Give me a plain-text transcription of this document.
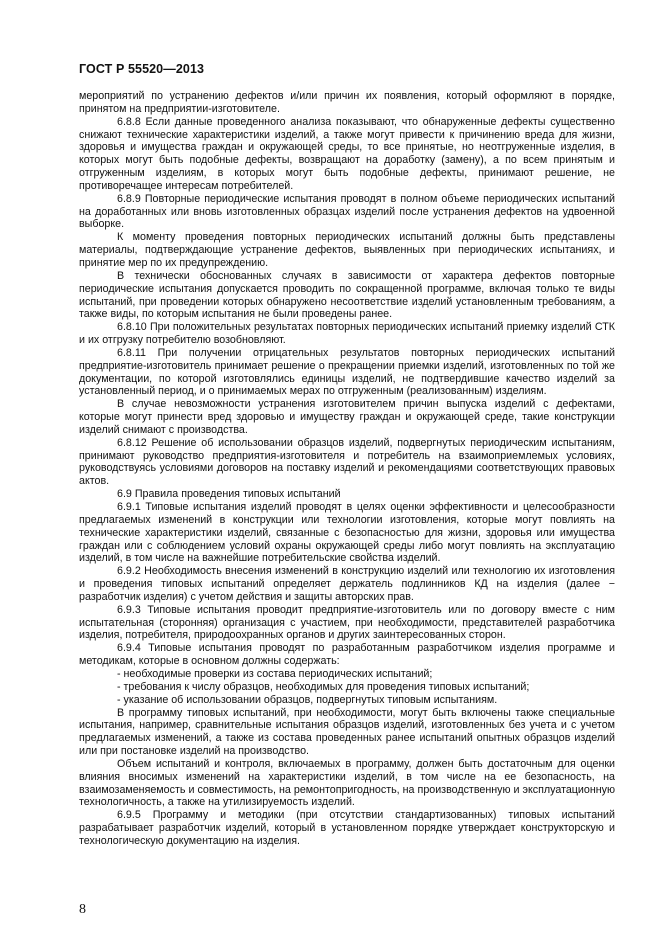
ГОСТ Р 55520—2013

мероприятий по устранению дефектов и/или причин их появления, который оформляют в порядке, принятом на предприятии-изготовителе.

6.8.8 Если данные проведенного анализа показывают, что обнаруженные дефекты существенно снижают технические характеристики изделий, а также могут привести к причинению вреда для жизни, здоровья и имущества граждан и окружающей среды, то все принятые, но неотгруженные изделия, в которых могут быть подобные дефекты, возвращают на доработку (замену), а по всем принятым и отгруженным изделиям, в которых могут быть подобные дефекты, принимают решение, не противоречащее интересам потребителей.

6.8.9 Повторные периодические испытания проводят в полном объеме периодических испытаний на доработанных или вновь изготовленных образцах изделий после устранения дефектов на удвоенной выборке.

К моменту проведения повторных периодических испытаний должны быть представлены материалы, подтверждающие устранение дефектов, выявленных при периодических испытаниях, и принятие мер по их предупреждению.

В технически обоснованных случаях в зависимости от характера дефектов повторные периодические испытания допускается проводить по сокращенной программе, включая только те виды испытаний, при проведении которых обнаружено несоответствие изделий установленным требованиям, а также виды, по которым испытания не были проведены ранее.

6.8.10 При положительных результатах повторных периодических испытаний приемку изделий СТК и их отгрузку потребителю возобновляют.

6.8.11 При получении отрицательных результатов повторных периодических испытаний предприятие-изготовитель принимает решение о прекращении приемки изделий, изготовленных по той же документации, по которой изготовлялись единицы изделий, не подтвердившие качество изделий за установленный период, и о принимаемых мерах по отгруженным (реализованным) изделиям.

В случае невозможности устранения изготовителем причин выпуска изделий с дефектами, которые могут принести вред здоровью и имуществу граждан и окружающей среде, такие конструкции изделий снимают с производства.

6.8.12 Решение об использовании образцов изделий, подвергнутых периодическим испытаниям, принимают руководство предприятия-изготовителя и потребитель на взаимоприемлемых условиях, руководствуясь условиями договоров на поставку изделий и рекомендациями соответствующих правовых актов.

6.9 Правила проведения типовых испытаний

6.9.1 Типовые испытания изделий проводят в целях оценки эффективности и целесообразности предлагаемых изменений в конструкции или технологии изготовления, которые могут повлиять на технические характеристики изделий, связанные с безопасностью для жизни, здоровья или имущества граждан или с соблюдением условий охраны окружающей среды либо могут повлиять на эксплуатацию изделий, в том числе на важнейшие потребительские свойства изделий.

6.9.2 Необходимость внесения изменений в конструкцию изделий или технологию их изготовления и проведения типовых испытаний определяет держатель подлинников КД на изделия (далее − разработчик изделия) с учетом действия и защиты авторских прав.

6.9.3 Типовые испытания проводит предприятие-изготовитель или по договору вместе с ним испытательная (сторонняя) организация с участием, при необходимости, представителей разработчика изделия, потребителя, природоохранных органов и других заинтересованных сторон.

6.9.4 Типовые испытания проводят по разработанным разработчиком изделия программе и методикам, которые в основном должны содержать:

- необходимые проверки из состава периодических испытаний;

- требования к числу образцов, необходимых для проведения типовых испытаний;

- указание об использовании образцов, подвергнутых типовым испытаниям.

В программу типовых испытаний, при необходимости, могут быть включены также специальные испытания, например, сравнительные испытания образцов изделий, изготовленных без учета и с учетом предлагаемых изменений, а также из состава проведенных ранее испытаний опытных образцов изделий или при постановке изделий на производство.

Объем испытаний и контроля, включаемых в программу, должен быть достаточным для оценки влияния вносимых изменений на характеристики изделий, в том числе на ее безопасность, на взаимозаменяемость и совместимость, на ремонтопригодность, на производственную и эксплуатационную технологичность, а также на утилизируемость изделий.

6.9.5 Программу и методики (при отсутствии стандартизованных) типовых испытаний разрабатывает разработчик изделий, который в установленном порядке утверждает конструкторскую и технологическую документацию на изделия.

8
